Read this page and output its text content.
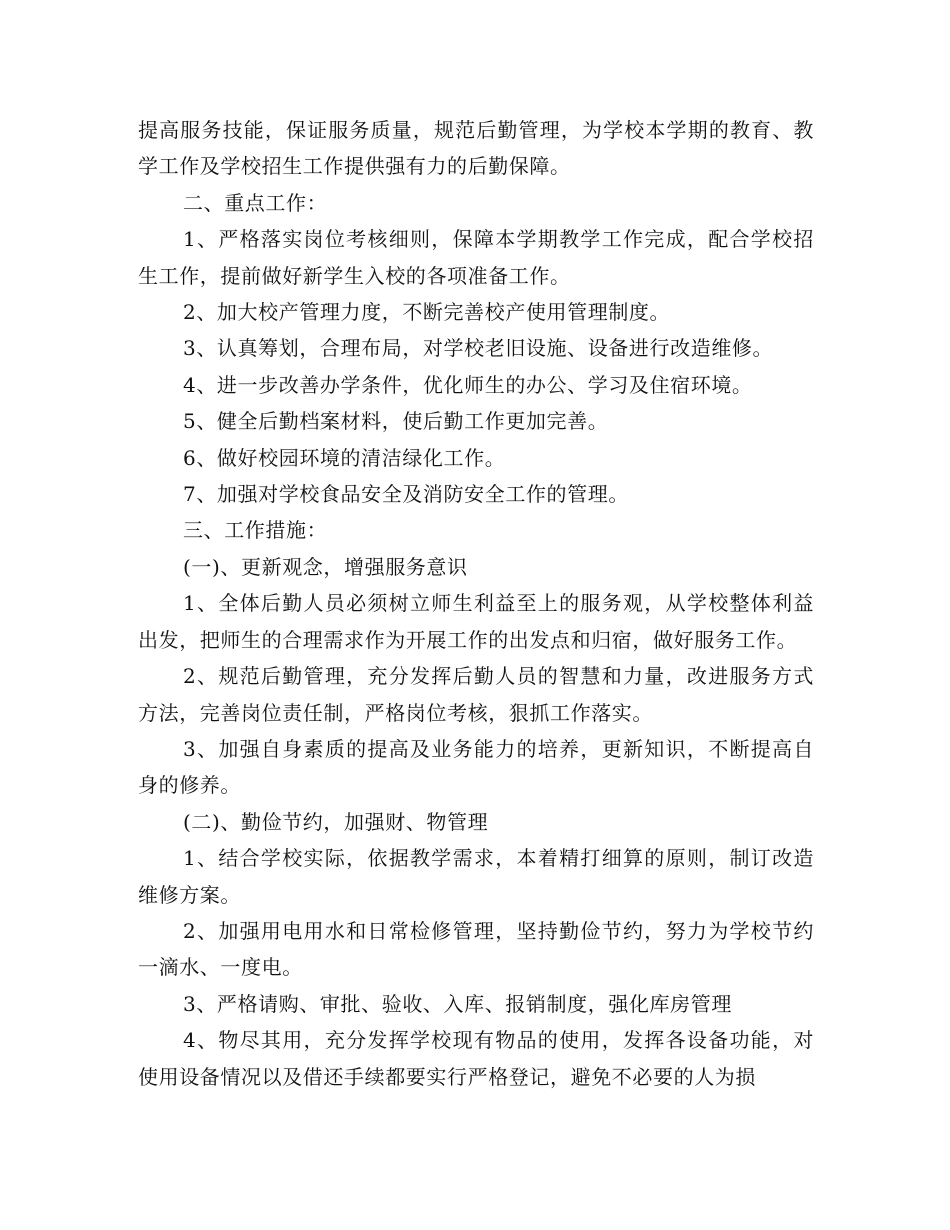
提高服务技能，保证服务质量，规范后勤管理，为学校本学期的教育、教学工作及学校招生工作提供强有力的后勤保障。

二、重点工作：

1、严格落实岗位考核细则，保障本学期教学工作完成，配合学校招生工作，提前做好新学生入校的各项准备工作。

2、加大校产管理力度，不断完善校产使用管理制度。

3、认真筹划，合理布局，对学校老旧设施、设备进行改造维修。

4、进一步改善办学条件，优化师生的办公、学习及住宿环境。

5、健全后勤档案材料，使后勤工作更加完善。

6、做好校园环境的清洁绿化工作。

7、加强对学校食品安全及消防安全工作的管理。

三、工作措施：

(一)、更新观念，增强服务意识

1、全体后勤人员必须树立师生利益至上的服务观，从学校整体利益出发，把师生的合理需求作为开展工作的出发点和归宿，做好服务工作。

2、规范后勤管理，充分发挥后勤人员的智慧和力量，改进服务方式方法，完善岗位责任制，严格岗位考核，狠抓工作落实。

3、加强自身素质的提高及业务能力的培养，更新知识，不断提高自身的修养。

(二)、勤俭节约，加强财、物管理

1、结合学校实际，依据教学需求，本着精打细算的原则，制订改造维修方案。

2、加强用电用水和日常检修管理，坚持勤俭节约，努力为学校节约一滴水、一度电。

3、严格请购、审批、验收、入库、报销制度，强化库房管理

4、物尽其用，充分发挥学校现有物品的使用，发挥各设备功能，对使用设备情况以及借还手续都要实行严格登记，避免不必要的人为损
